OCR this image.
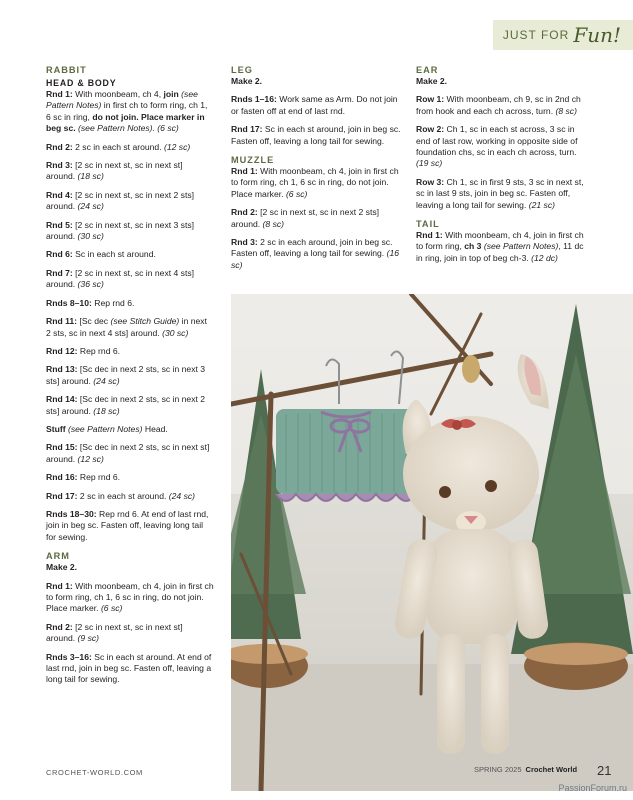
JUST FOR Fun!
RABBIT
HEAD & BODY

Rnd 1: With moonbeam, ch 4, join (see Pattern Notes) in first ch to form ring, ch 1, 6 sc in ring, do not join. Place marker in beg sc. (see Pattern Notes). (6 sc)

Rnd 2: 2 sc in each st around. (12 sc)

Rnd 3: [2 sc in next st, sc in next st] around. (18 sc)

Rnd 4: [2 sc in next st, sc in next 2 sts] around. (24 sc)

Rnd 5: [2 sc in next st, sc in next 3 sts] around. (30 sc)

Rnd 6: Sc in each st around.

Rnd 7: [2 sc in next st, sc in next 4 sts] around. (36 sc)

Rnds 8–10: Rep rnd 6.

Rnd 11: [Sc dec (see Stitch Guide) in next 2 sts, sc in next 4 sts] around. (30 sc)

Rnd 12: Rep rnd 6.

Rnd 13: [Sc dec in next 2 sts, sc in next 3 sts] around. (24 sc)

Rnd 14: [Sc dec in next 2 sts, sc in next 2 sts] around. (18 sc)

Stuff (see Pattern Notes) Head.

Rnd 15: [Sc dec in next 2 sts, sc in next st] around. (12 sc)

Rnd 16: Rep rnd 6.

Rnd 17: 2 sc in each st around. (24 sc)

Rnds 18–30: Rep rnd 6. At end of last rnd, join in beg sc. Fasten off, leaving long tail for sewing.

ARM
Make 2.

Rnd 1: With moonbeam, ch 4, join in first ch to form ring, ch 1, 6 sc in ring, do not join. Place marker. (6 sc)

Rnd 2: [2 sc in next st, sc in next st] around. (9 sc)

Rnds 3–16: Sc in each st around. At end of last rnd, join in beg sc. Fasten off, leaving a long tail for sewing.

LEG
Make 2.

Rnds 1–16: Work same as Arm. Do not join or fasten off at end of last rnd.

Rnd 17: Sc in each st around, join in beg sc. Fasten off, leaving a long tail for sewing.

MUZZLE

Rnd 1: With moonbeam, ch 4, join in first ch to form ring, ch 1, 6 sc in ring, do not join. Place marker. (6 sc)

Rnd 2: [2 sc in next st, sc in next 2 sts] around. (8 sc)

Rnd 3: 2 sc in each around, join in beg sc. Fasten off, leaving a long tail for sewing. (16 sc)

EAR
Make 2.

Row 1: With moonbeam, ch 9, sc in 2nd ch from hook and each ch across, turn. (8 sc)

Row 2: Ch 1, sc in each st across, 3 sc in end of last row, working in opposite side of foundation chs, sc in each ch across, turn. (19 sc)

Row 3: Ch 1, sc in first 9 sts, 3 sc in next st, sc in last 9 sts, join in beg sc. Fasten off, leaving a long tail for sewing. (21 sc)

TAIL

Rnd 1: With moonbeam, ch 4, join in first ch to form ring, ch 3 (see Pattern Notes), 11 dc in ring, join in top of beg ch-3. (12 dc)

CROCHET-WORLD.COM	SPRING 2025 Crochet World 21
PassionForum.ru
